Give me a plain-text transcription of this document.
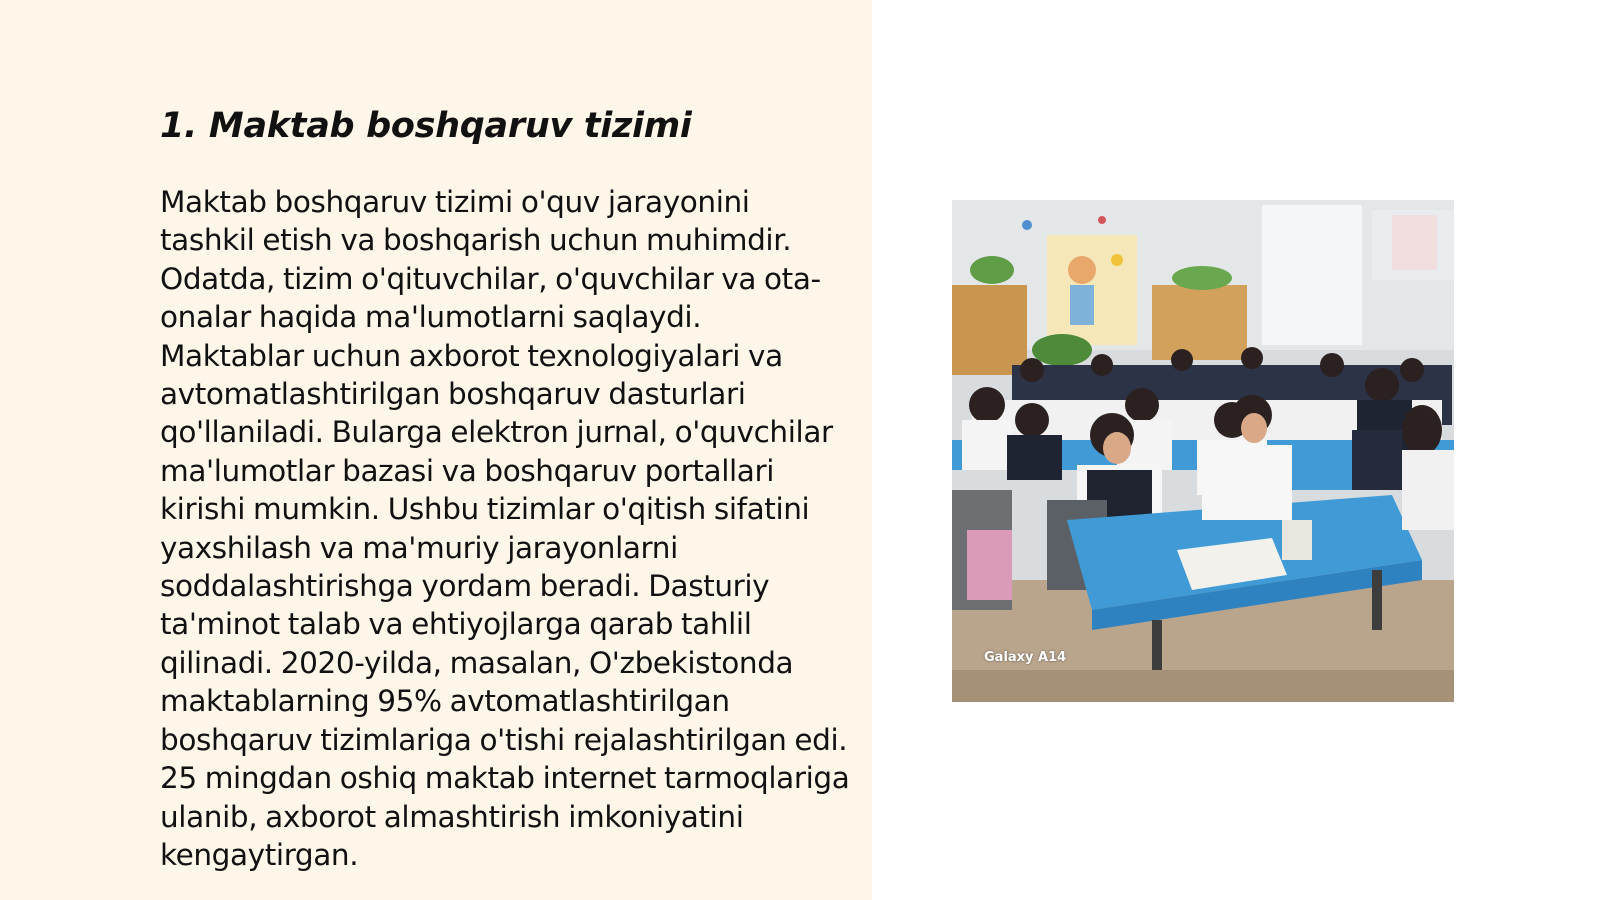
1. Maktab boshqaruv tizimi

Maktab boshqaruv tizimi o'quv jarayonini tashkil etish va boshqarish uchun muhimdir. Odatda, tizim o'qituvchilar, o'quvchilar va ota-onalar haqida ma'lumotlarni saqlaydi. Maktablar uchun axborot texnologiyalari va avtomatlashtirilgan boshqaruv dasturlari qo'llaniladi. Bularga elektron jurnal, o'quvchilar ma'lumotlar bazasi va boshqaruv portallari kirishi mumkin. Ushbu tizimlar o'qitish sifatini yaxshilash va ma'muriy jarayonlarni soddalashtirishga yordam beradi. Dasturiy ta'minot talab va ehtiyojlarga qarab tahlil qilinadi. 2020-yilda, masalan, O'zbekistonda maktablarning 95% avtomatlashtirilgan boshqaruv tizimlariga o'tishi rejalashtirilgan edi. 25 mingdan oshiq maktab internet tarmoqlariga ulanib, axborot almashtirish imkoniyatini kengaytirgan.

Galaxy A14
